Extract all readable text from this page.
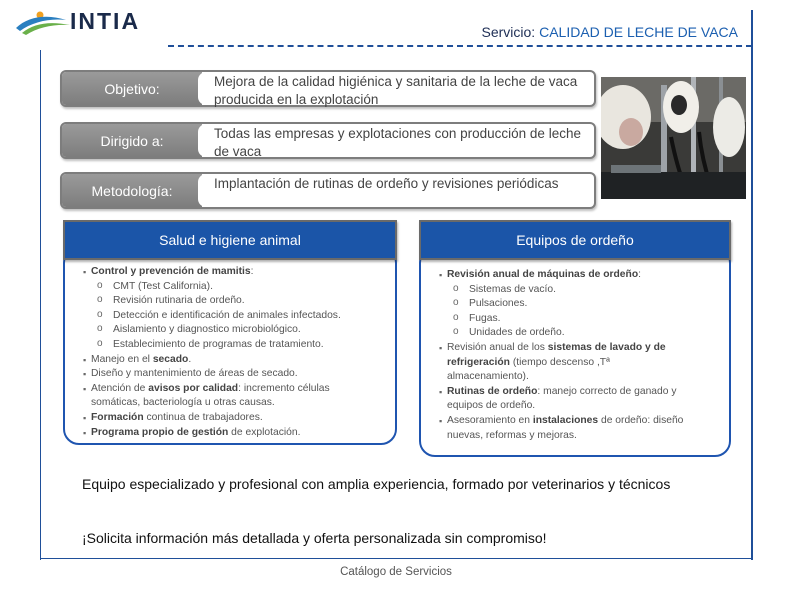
INTIA	Servicio: CALIDAD DE LECHE DE VACA
Objetivo:	Mejora de la calidad higiénica y sanitaria de la leche de vaca producida en la explotación
Dirigido a:	Todas las empresas y explotaciones con producción de leche de vaca
Metodología:	Implantación de rutinas de ordeño y revisiones periódicas
Salud e higiene animal
▪ Control y prevención de mamitis:
o CMT (Test California).
o Revisión rutinaria de ordeño.
o Detección e identificación de animales infectados.
o Aislamiento y diagnostico microbiológico.
o Establecimiento de programas de tratamiento.
▪ Manejo en el secado.
▪ Diseño y mantenimiento de áreas de secado.
▪ Atención de avisos por calidad: incremento células
somáticas, bacteriología u otras causas.
▪ Formación continua de trabajadores.
▪ Programa propio de gestión de explotación.
Equipos de ordeño
▪ Revisión anual de máquinas de ordeño:
o Sistemas de vacío.
o Pulsaciones.
o Fugas.
o Unidades de ordeño.
▪ Revisión anual de los sistemas de lavado y de
refrigeración (tiempo descenso ,Tª
almacenamiento).
▪ Rutinas de ordeño: manejo correcto de ganado y
equipos de ordeño.
▪ Asesoramiento en instalaciones de ordeño: diseño
nuevas, reformas y mejoras.
Equipo especializado y profesional con amplia experiencia, formado por veterinarios y técnicos
¡Solicita información más detallada y oferta personalizada sin compromiso!
Catálogo de Servicios
